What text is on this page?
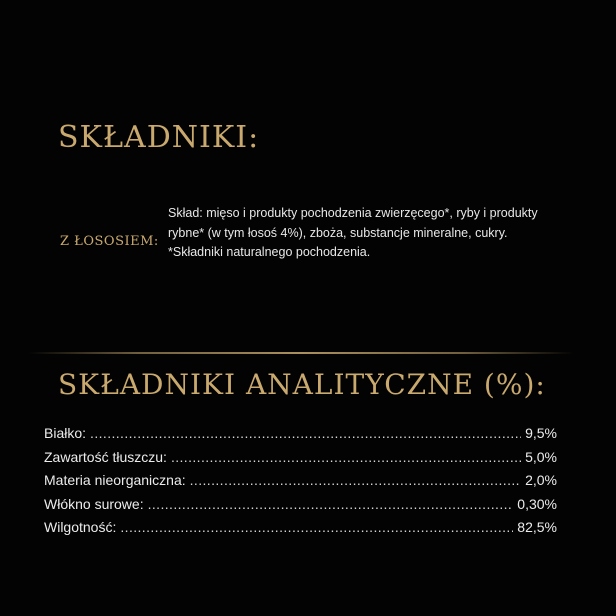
SKŁADNIKI:
Z ŁOSOSIEM:

Skład: mięso i produkty pochodzenia zwierzęcego*, ryby i produkty rybne* (w tym łosoś 4%), zboża, substancje mineralne, cukry.

*Składniki naturalnego pochodzenia.

SKŁADNIKI ANALITYCZNE (%):
Białko: .....	9,5%
Zawartość tłuszczu: .....	5,0%
Materia nieorganiczna: .....	2,0%
Włókno surowe: .....	0,30%
Wilgotność: .....	82,5%
